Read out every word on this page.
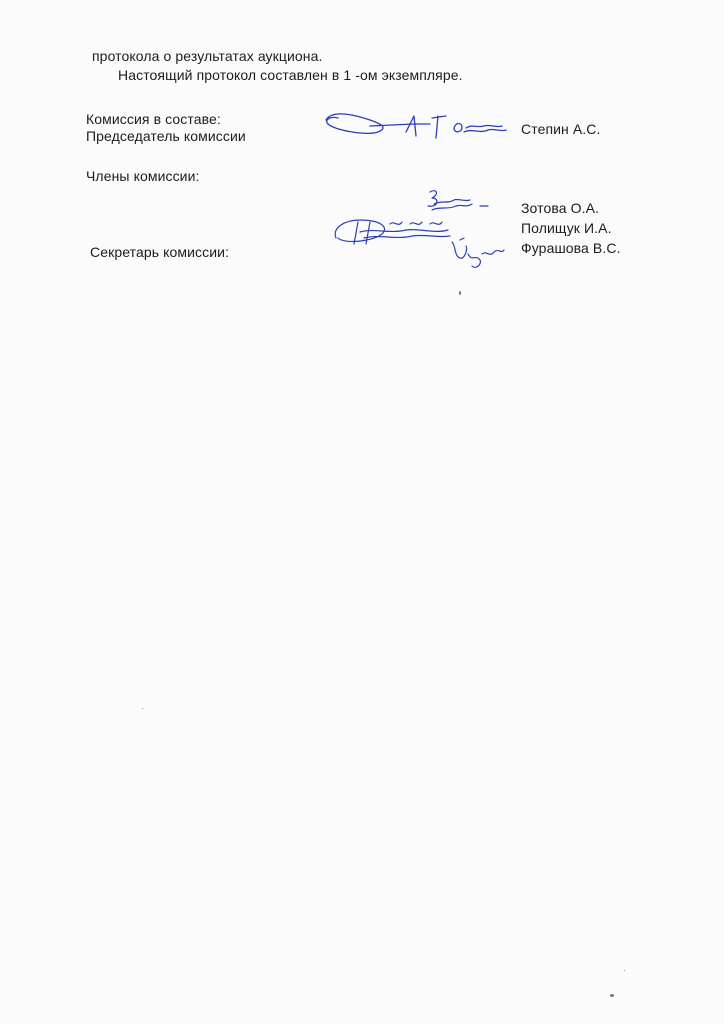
протокола о результатах аукциона.
Настоящий протокол составлен в 1 -ом экземпляре.
Комиссия в составе:
Председатель комиссии	Степин А.С.
Члены комиссии:
Зотова О.А.
Полищук И.А.
Фурашова В.С.
Секретарь комиссии:
